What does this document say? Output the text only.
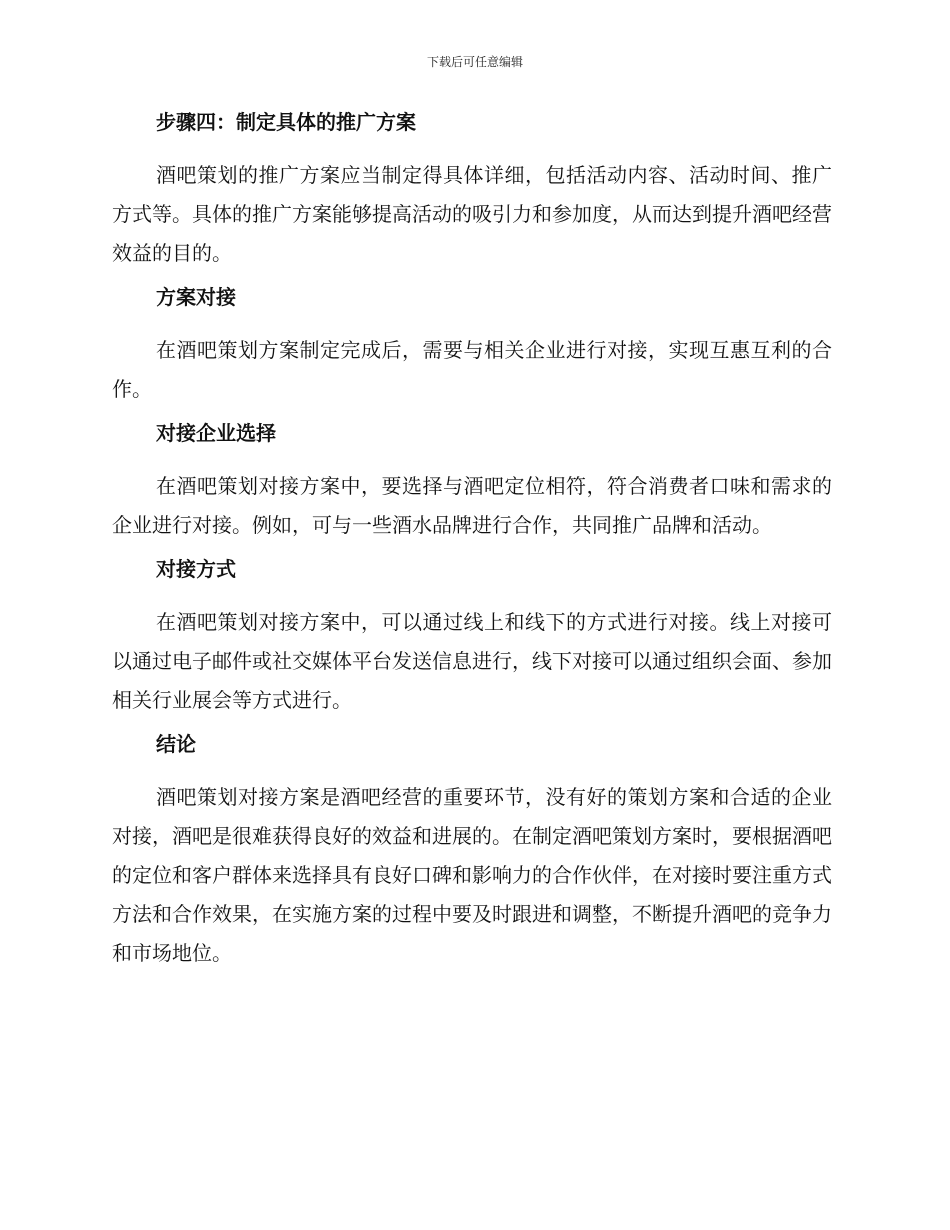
下载后可任意编辑
步骤四：制定具体的推广方案

酒吧策划的推广方案应当制定得具体详细，包括活动内容、活动时间、推广方式等。具体的推广方案能够提高活动的吸引力和参加度，从而达到提升酒吧经营效益的目的。

方案对接

在酒吧策划方案制定完成后，需要与相关企业进行对接，实现互惠互利的合作。

对接企业选择

在酒吧策划对接方案中，要选择与酒吧定位相符，符合消费者口味和需求的企业进行对接。例如，可与一些酒水品牌进行合作，共同推广品牌和活动。

对接方式

在酒吧策划对接方案中，可以通过线上和线下的方式进行对接。线上对接可以通过电子邮件或社交媒体平台发送信息进行，线下对接可以通过组织会面、参加相关行业展会等方式进行。

结论

酒吧策划对接方案是酒吧经营的重要环节，没有好的策划方案和合适的企业对接，酒吧是很难获得良好的效益和进展的。在制定酒吧策划方案时，要根据酒吧的定位和客户群体来选择具有良好口碑和影响力的合作伙伴，在对接时要注重方式方法和合作效果，在实施方案的过程中要及时跟进和调整，不断提升酒吧的竞争力和市场地位。
